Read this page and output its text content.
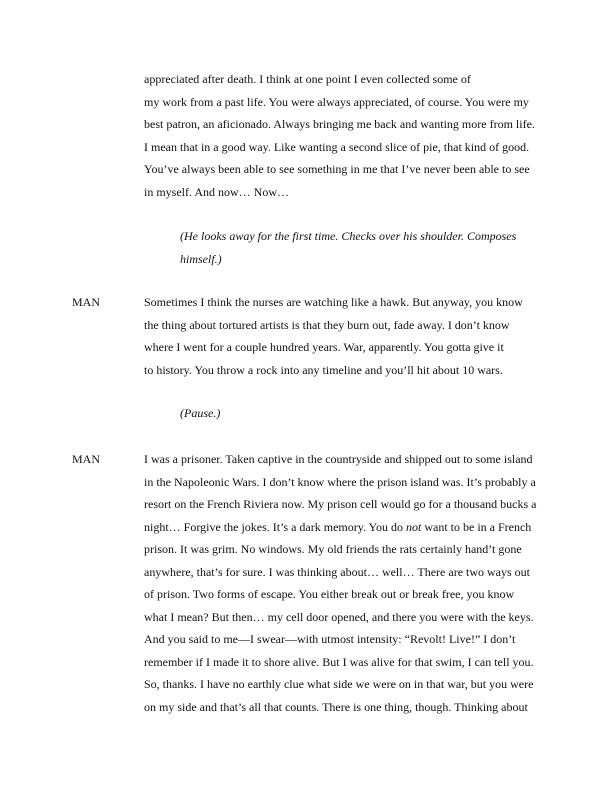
appreciated after death. I think at one point I even collected some of
my work from a past life. You were always appreciated, of course. You were my
best patron, an aficionado. Always bringing me back and wanting more from life.
I mean that in a good way. Like wanting a second slice of pie, that kind of good.
You’ve always been able to see something in me that I’ve never been able to see
in myself. And now… Now…
(He looks away for the first time. Checks over his shoulder. Composes
himself.)
MAN	Sometimes I think the nurses are watching like a hawk. But anyway, you know
the thing about tortured artists is that they burn out, fade away. I don’t know
where I went for a couple hundred years. War, apparently. You gotta give it
to history. You throw a rock into any timeline and you’ll hit about 10 wars.
(Pause.)
MAN	I was a prisoner. Taken captive in the countryside and shipped out to some island
in the Napoleonic Wars. I don’t know where the prison island was. It’s probably a
resort on the French Riviera now. My prison cell would go for a thousand bucks a
night… Forgive the jokes. It’s a dark memory. You do not want to be in a French
prison. It was grim. No windows. My old friends the rats certainly hand’t gone
anywhere, that’s for sure. I was thinking about… well… There are two ways out
of prison. Two forms of escape. You either break out or break free, you know
what I mean? But then… my cell door opened, and there you were with the keys.
And you said to me—I swear—with utmost intensity: “Revolt! Live!” I don’t
remember if I made it to shore alive. But I was alive for that swim, I can tell you.
So, thanks. I have no earthly clue what side we were on in that war, but you were
on my side and that’s all that counts. There is one thing, though. Thinking about
